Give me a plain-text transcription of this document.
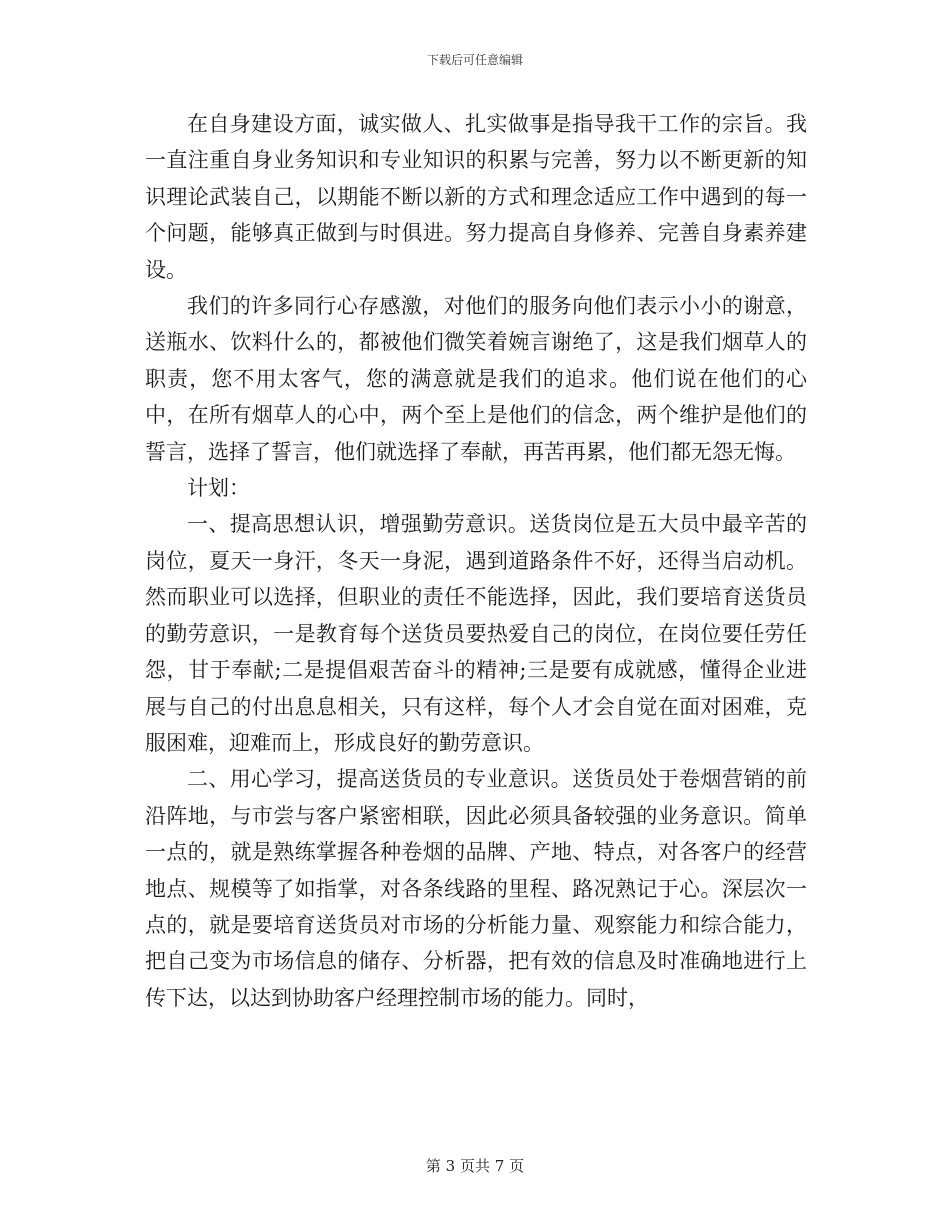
下载后可任意编辑

在自身建设方面，诚实做人、扎实做事是指导我干工作的宗旨。我一直注重自身业务知识和专业知识的积累与完善，努力以不断更新的知识理论武装自己，以期能不断以新的方式和理念适应工作中遇到的每一个问题，能够真正做到与时俱进。努力提高自身修养、完善自身素养建设。

我们的许多同行心存感激，对他们的服务向他们表示小小的谢意，送瓶水、饮料什么的，都被他们微笑着婉言谢绝了，这是我们烟草人的职责，您不用太客气，您的满意就是我们的追求。他们说在他们的心中，在所有烟草人的心中，两个至上是他们的信念，两个维护是他们的誓言，选择了誓言，他们就选择了奉献，再苦再累，他们都无怨无悔。

计划：

一、提高思想认识，增强勤劳意识。送货岗位是五大员中最辛苦的岗位，夏天一身汗，冬天一身泥，遇到道路条件不好，还得当启动机。然而职业可以选择，但职业的责任不能选择，因此，我们要培育送货员的勤劳意识，一是教育每个送货员要热爱自己的岗位，在岗位要任劳任怨，甘于奉献;二是提倡艰苦奋斗的精神;三是要有成就感，懂得企业进展与自己的付出息息相关，只有这样，每个人才会自觉在面对困难，克服困难，迎难而上，形成良好的勤劳意识。

二、用心学习，提高送货员的专业意识。送货员处于卷烟营销的前沿阵地，与市尝与客户紧密相联，因此必须具备较强的业务意识。简单一点的，就是熟练掌握各种卷烟的品牌、产地、特点，对各客户的经营地点、规模等了如指掌，对各条线路的里程、路况熟记于心。深层次一点的，就是要培育送货员对市场的分析能力量、观察能力和综合能力，把自己变为市场信息的储存、分析器，把有效的信息及时准确地进行上传下达，以达到协助客户经理控制市场的能力。同时，

第 3 页共 7 页
